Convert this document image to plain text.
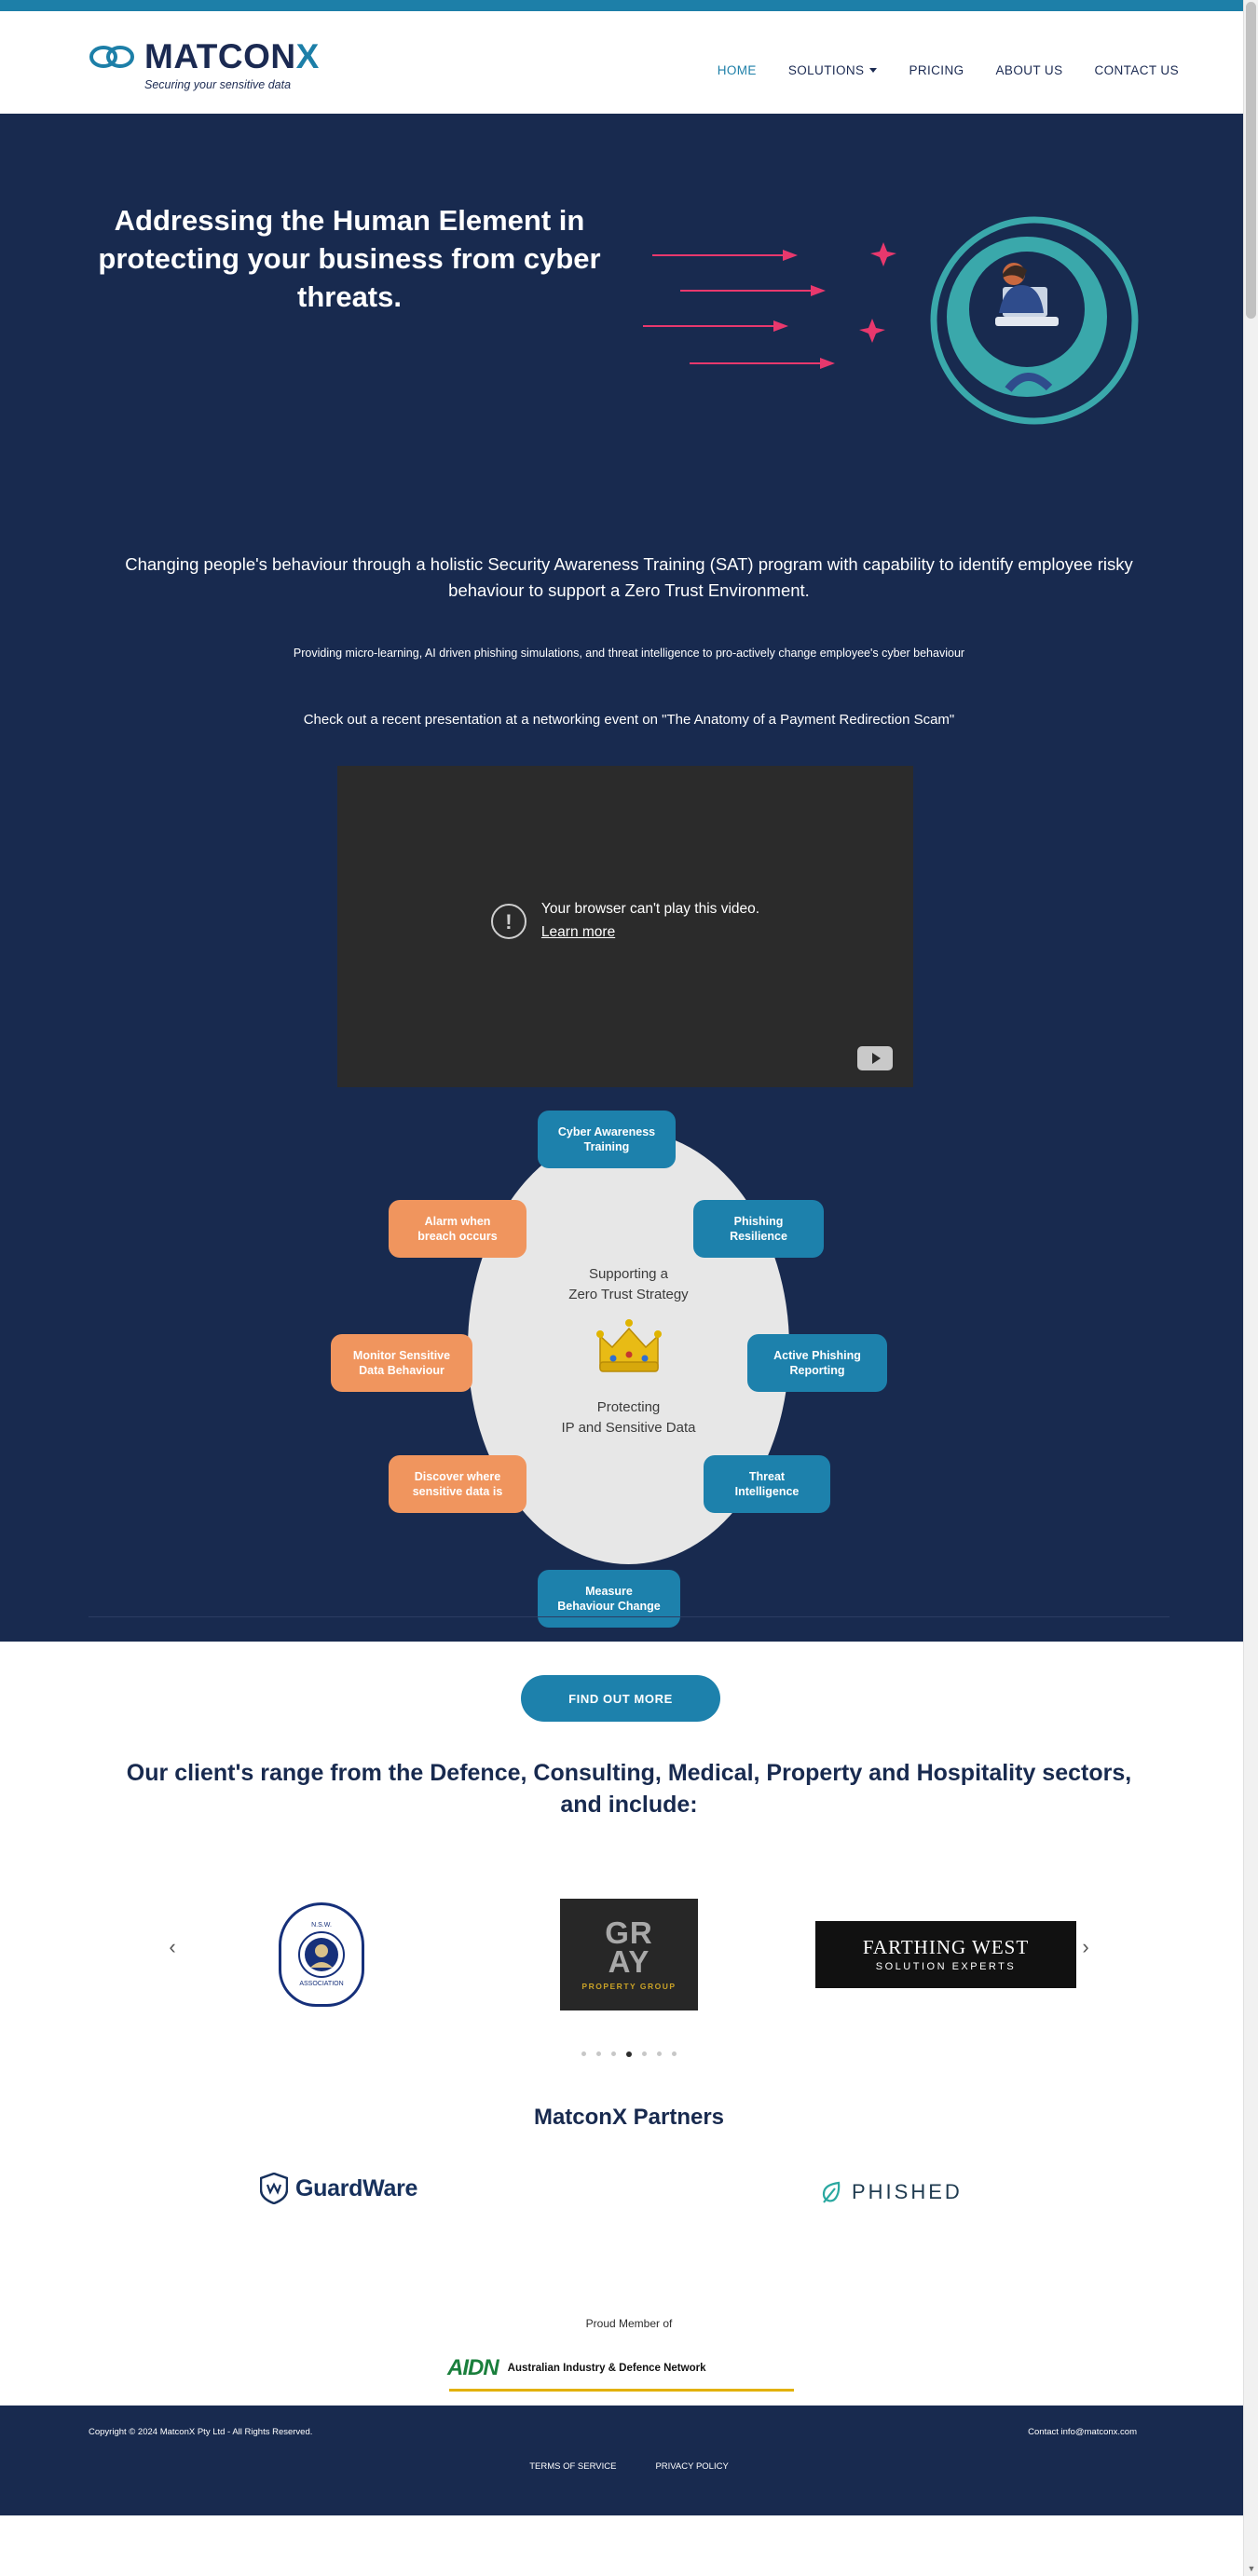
MATCONX
Securing your sensitive data
HOME	SOLUTIONS	PRICING	ABOUT US	CONTACT US
Addressing the Human Element in protecting your business from cyber threats.

Changing people's behaviour through a holistic Security Awareness Training (SAT) program with capability to identify employee risky behaviour to support a Zero Trust Environment.

Providing micro-learning, AI driven phishing simulations, and threat intelligence to pro-actively change employee's cyber behaviour

Check out a recent presentation at a networking event on "The Anatomy of a Payment Redirection Scam"

!
Your browser can't play this video.
Learn more
Supporting a
Zero Trust Strategy
Protecting
IP and Sensitive Data
Cyber Awareness
Training
Phishing
Resilience
Active Phishing
Reporting
Threat
Intelligence
Measure
Behaviour Change
Discover where
sensitive data is
Monitor Sensitive
Data Behaviour
Alarm when
breach occurs
FIND OUT MORE
Our client's range from the Defence, Consulting, Medical, Property and Hospitality sectors, and include:
‹	›
N.S.W.
ASSOCIATION
GR
AY
PROPERTY GROUP
FARTHING WEST
SOLUTION EXPERTS
MatconX Partners
GuardWare	PHISHED
Proud Member of
AIDN Australian Industry & Defence Network
Copyright © 2024 MatconX Pty Ltd - All Rights Reserved.	Contact info@matconx.com
TERMS OF SERVICE	PRIVACY POLICY
▼
